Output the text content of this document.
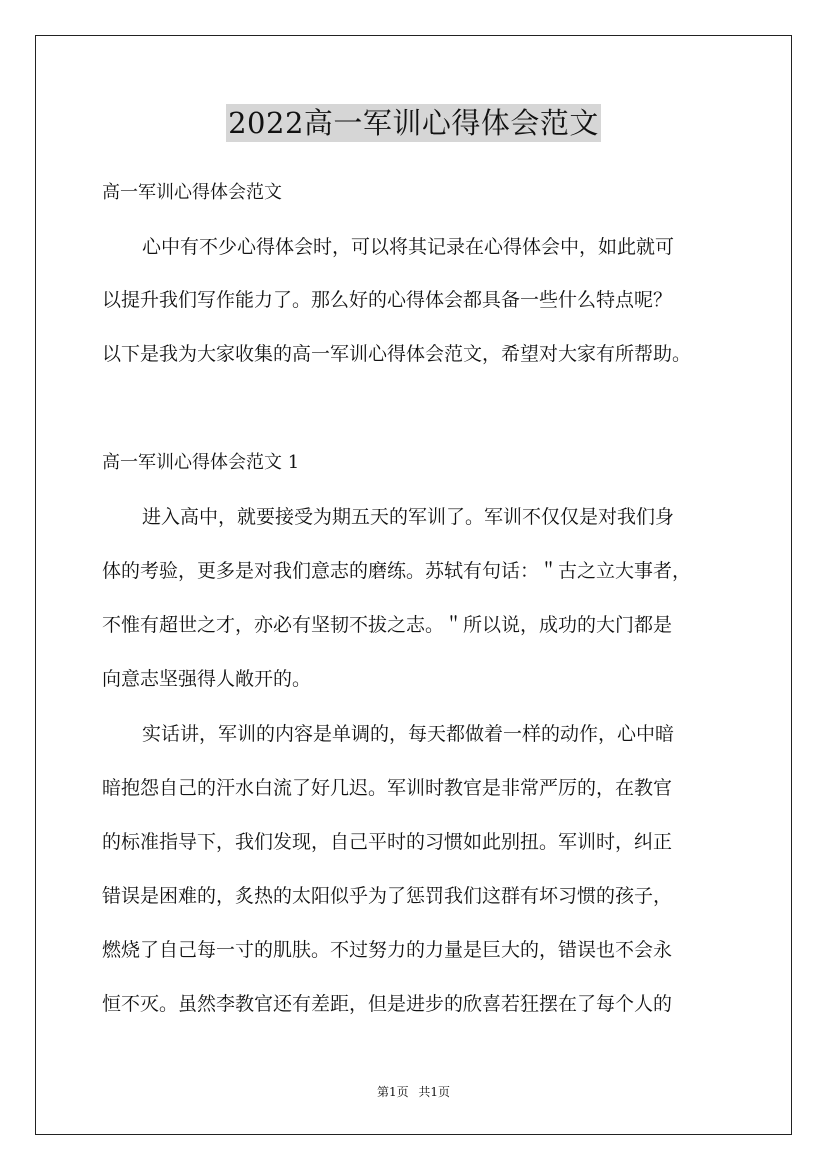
2022高一军训心得体会范文
高一军训心得体会范文
心中有不少心得体会时，可以将其记录在心得体会中，如此就可
以提升我们写作能力了。那么好的心得体会都具备一些什么特点呢？
以下是我为大家收集的高一军训心得体会范文，希望对大家有所帮助。
高一军训心得体会范文 1
进入高中，就要接受为期五天的军训了。军训不仅仅是对我们身
体的考验，更多是对我们意志的磨练。苏轼有句话：＂古之立大事者，
不惟有超世之才，亦必有坚韧不拔之志。＂所以说，成功的大门都是
向意志坚强得人敞开的。
实话讲，军训的内容是单调的，每天都做着一样的动作，心中暗
暗抱怨自己的汗水白流了好几迟。军训时教官是非常严厉的，在教官
的标准指导下，我们发现，自己平时的习惯如此别扭。军训时，纠正
错误是困难的，炙热的太阳似乎为了惩罚我们这群有坏习惯的孩子，
燃烧了自己每一寸的肌肤。不过努力的力量是巨大的，错误也不会永
恒不灭。虽然李教官还有差距，但是进步的欣喜若狂摆在了每个人的
第1页 共1页
